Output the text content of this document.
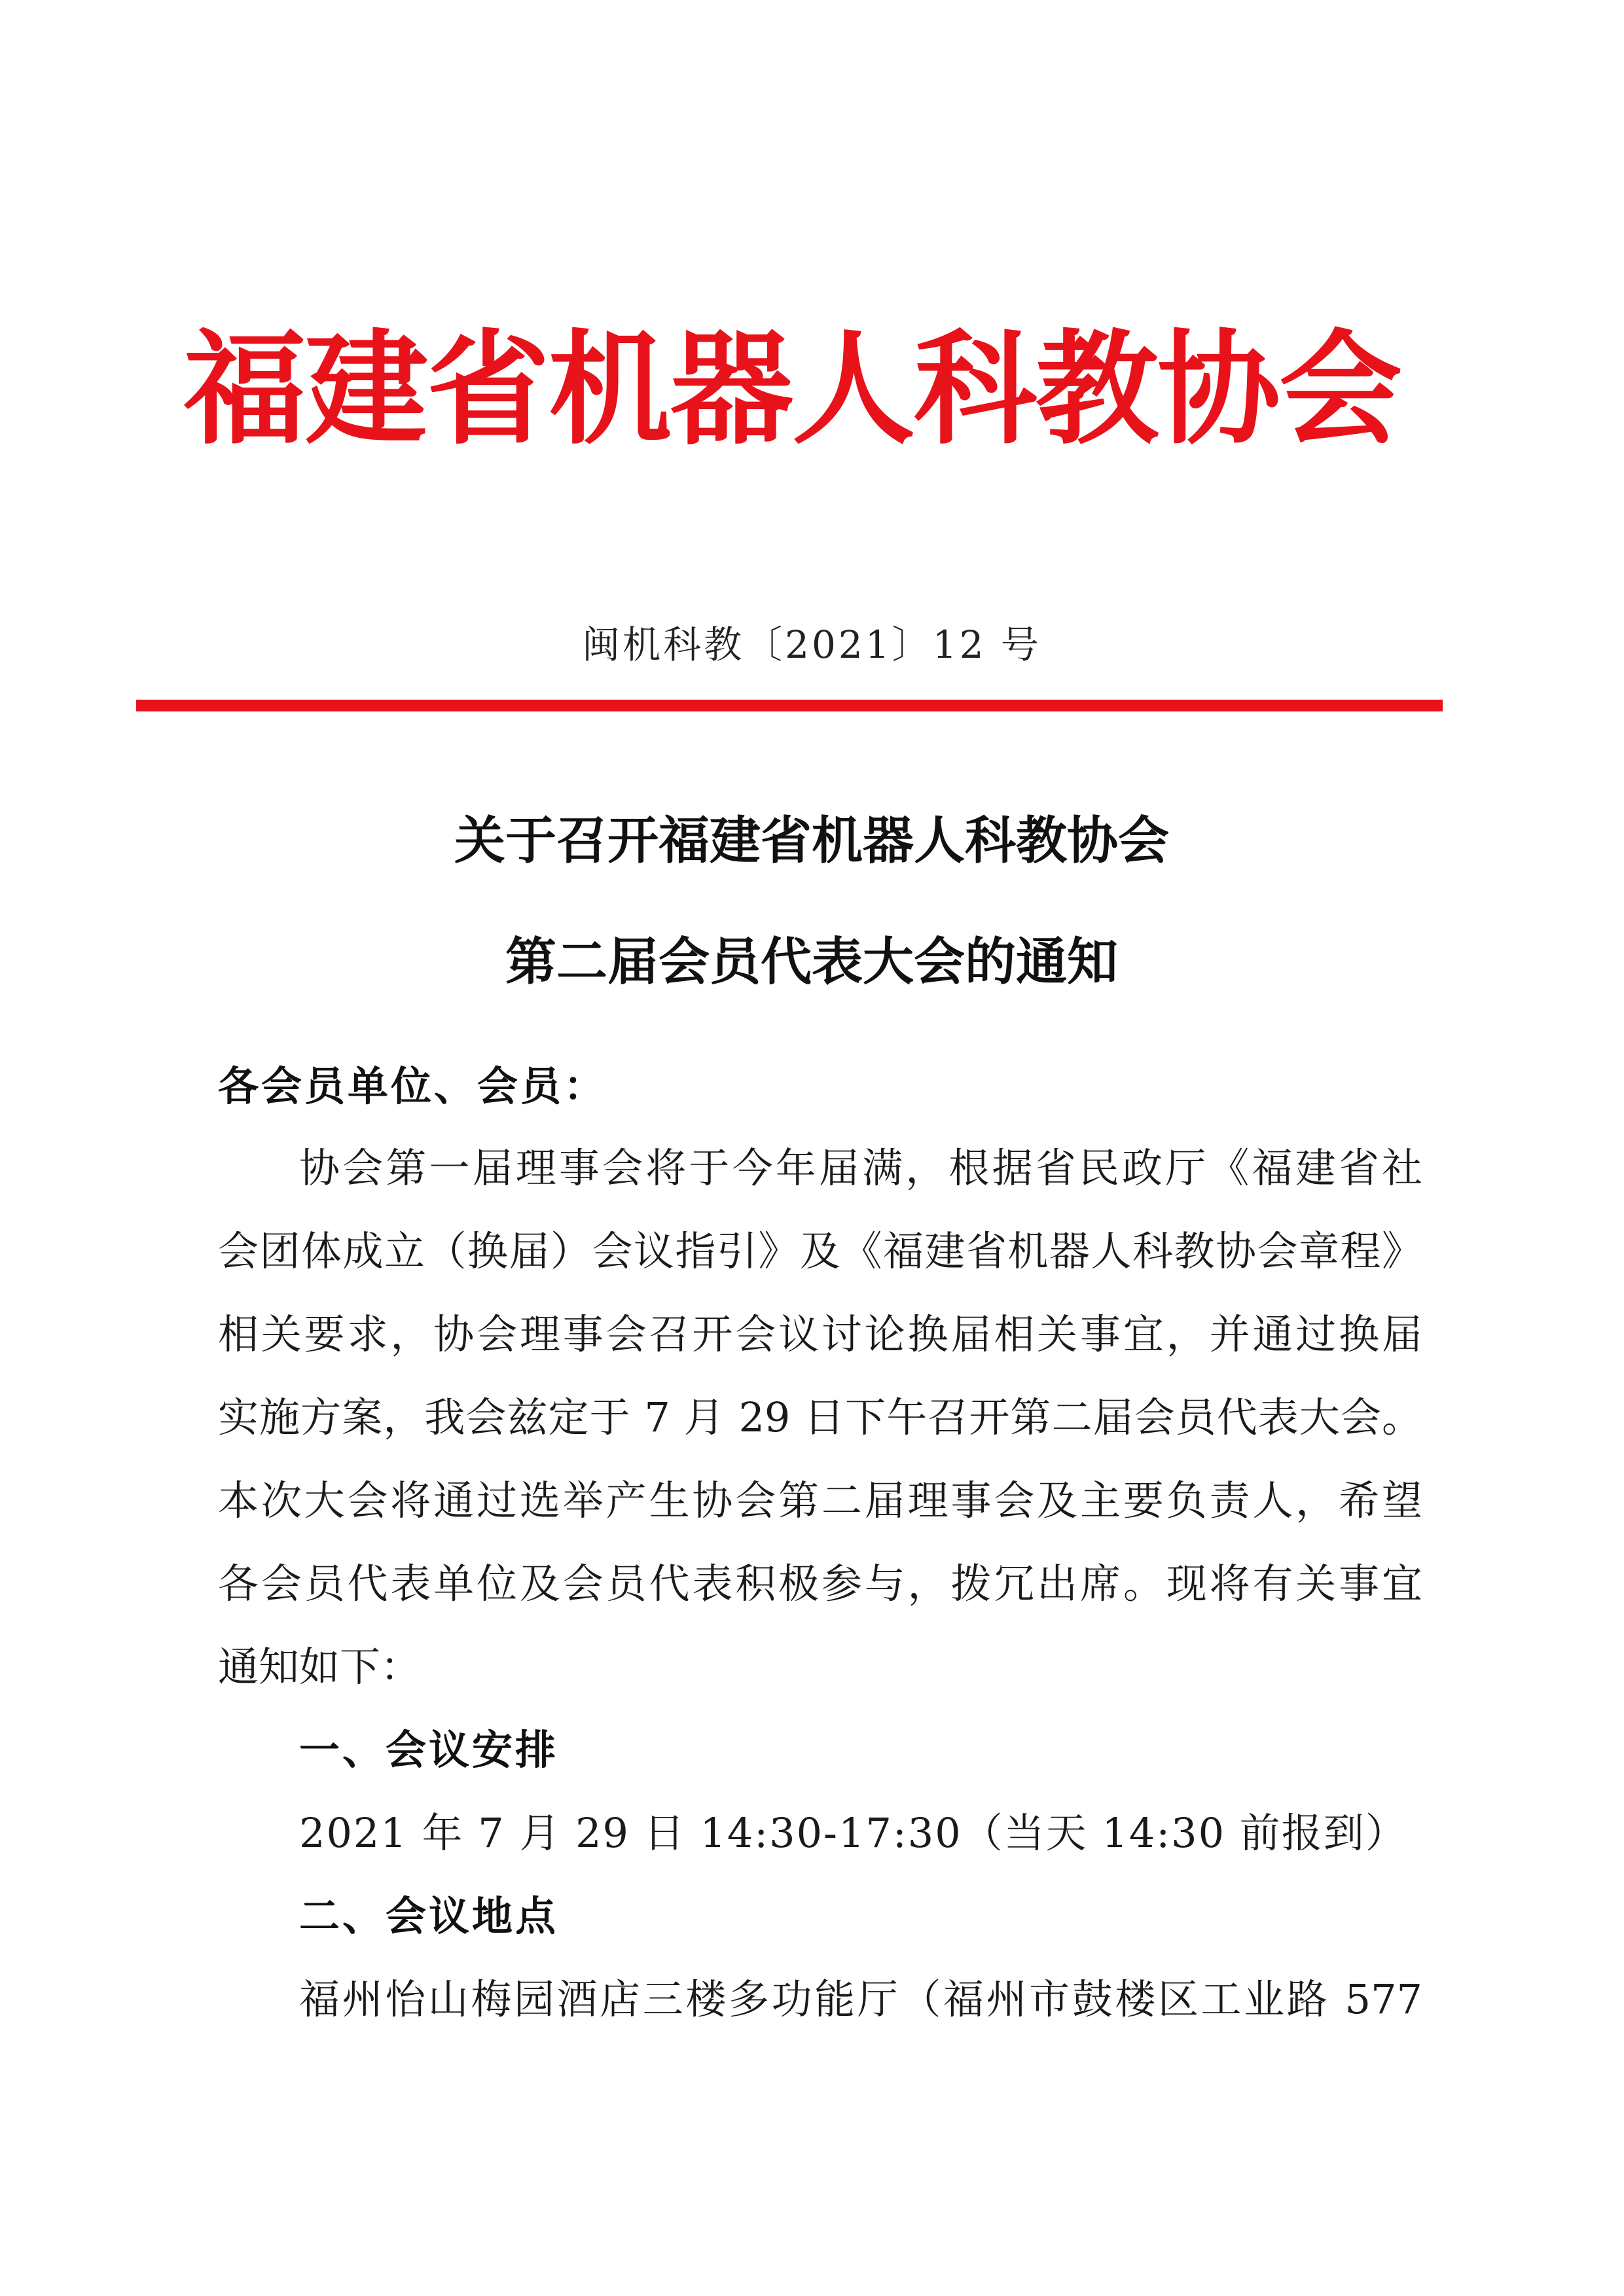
福建省机器人科教协会
闽机科教〔2021〕12 号
关于召开福建省机器人科教协会
第二届会员代表大会的通知
各会员单位、会员：
协会第一届理事会将于今年届满，根据省民政厅《福建省社
会团体成立（换届）会议指引》及《福建省机器人科教协会章程》
相关要求，协会理事会召开会议讨论换届相关事宜，并通过换届
实施方案，我会兹定于 7 月 29 日下午召开第二届会员代表大会。
本次大会将通过选举产生协会第二届理事会及主要负责人，希望
各会员代表单位及会员代表积极参与，拨冗出席。现将有关事宜
通知如下：
一、会议安排
2021 年 7 月 29 日 14:30-17:30（当天 14:30 前报到）
二、会议地点
福州怡山梅园酒店三楼多功能厅（福州市鼓楼区工业路 577
